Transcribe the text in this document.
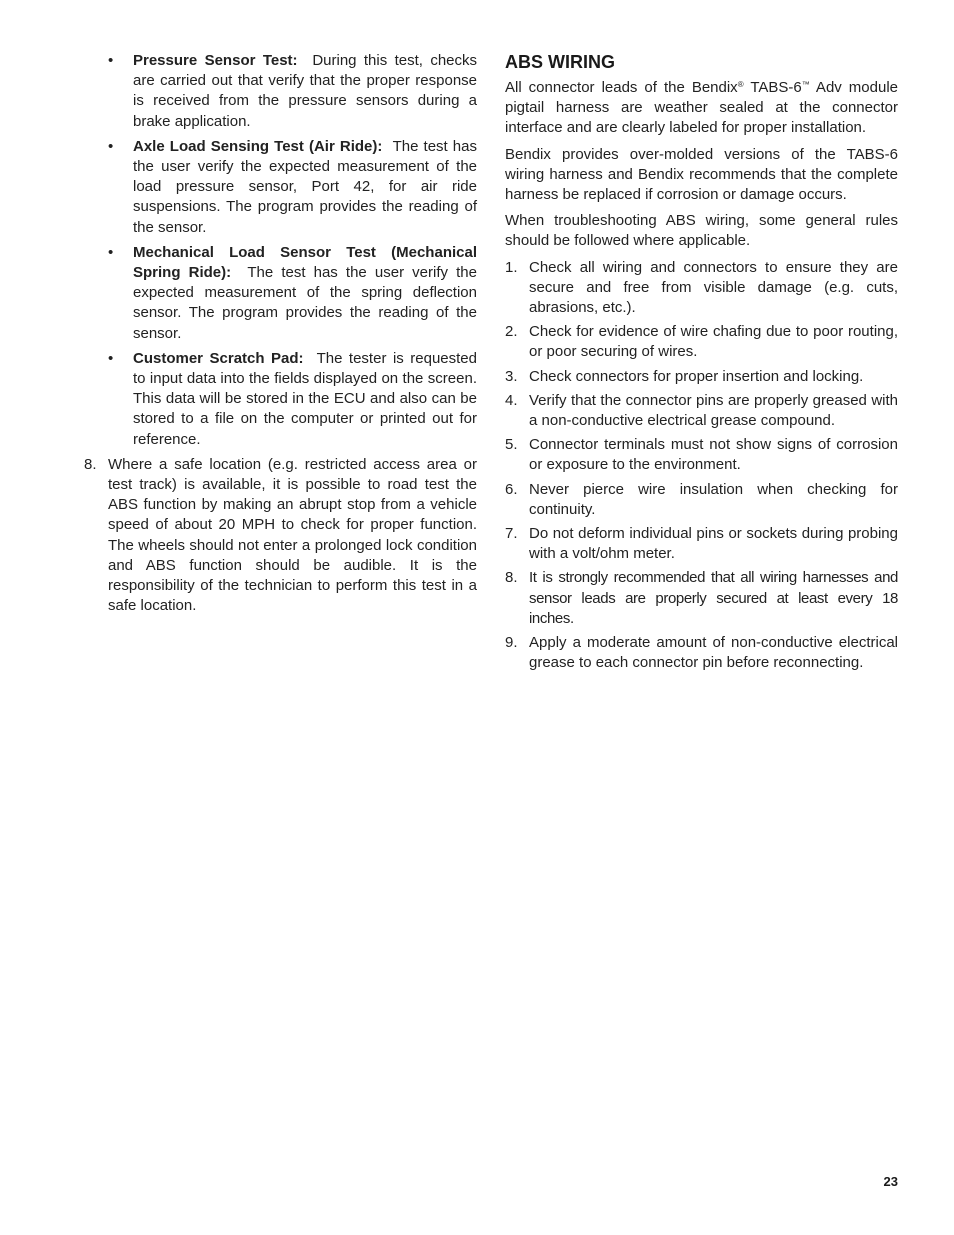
• Pressure Sensor Test: During this test, checks are carried out that verify that the proper response is received from the pressure sensors during a brake application.
• Axle Load Sensing Test (Air Ride): The test has the user verify the expected measurement of the load pressure sensor, Port 42, for air ride suspensions. The program provides the reading of the sensor.
• Mechanical Load Sensor Test (Mechanical Spring Ride): The test has the user verify the expected measurement of the spring deflection sensor. The program provides the reading of the sensor.
• Customer Scratch Pad: The tester is requested to input data into the fields displayed on the screen. This data will be stored in the ECU and also can be stored to a file on the computer or printed out for reference.
8. Where a safe location (e.g. restricted access area or test track) is available, it is possible to road test the ABS function by making an abrupt stop from a vehicle speed of about 20 MPH to check for proper function. The wheels should not enter a prolonged lock condition and ABS function should be audible. It is the responsibility of the technician to perform this test in a safe location.
ABS WIRING

All connector leads of the Bendix® TABS-6™ Adv module pigtail harness are weather sealed at the connector interface and are clearly labeled for proper installation.

Bendix provides over-molded versions of the TABS-6 wiring harness and Bendix recommends that the complete harness be replaced if corrosion or damage occurs.

When troubleshooting ABS wiring, some general rules should be followed where applicable.

1. Check all wiring and connectors to ensure they are secure and free from visible damage (e.g. cuts, abrasions, etc.).
2. Check for evidence of wire chafing due to poor routing, or poor securing of wires.
3. Check connectors for proper insertion and locking.
4. Verify that the connector pins are properly greased with a non-conductive electrical grease compound.
5. Connector terminals must not show signs of corrosion or exposure to the environment.
6. Never pierce wire insulation when checking for continuity.
7. Do not deform individual pins or sockets during probing with a volt/ohm meter.
8. It is strongly recommended that all wiring harnesses and sensor leads are properly secured at least every 18 inches.
9. Apply a moderate amount of non-conductive electrical grease to each connector pin before reconnecting.
23
